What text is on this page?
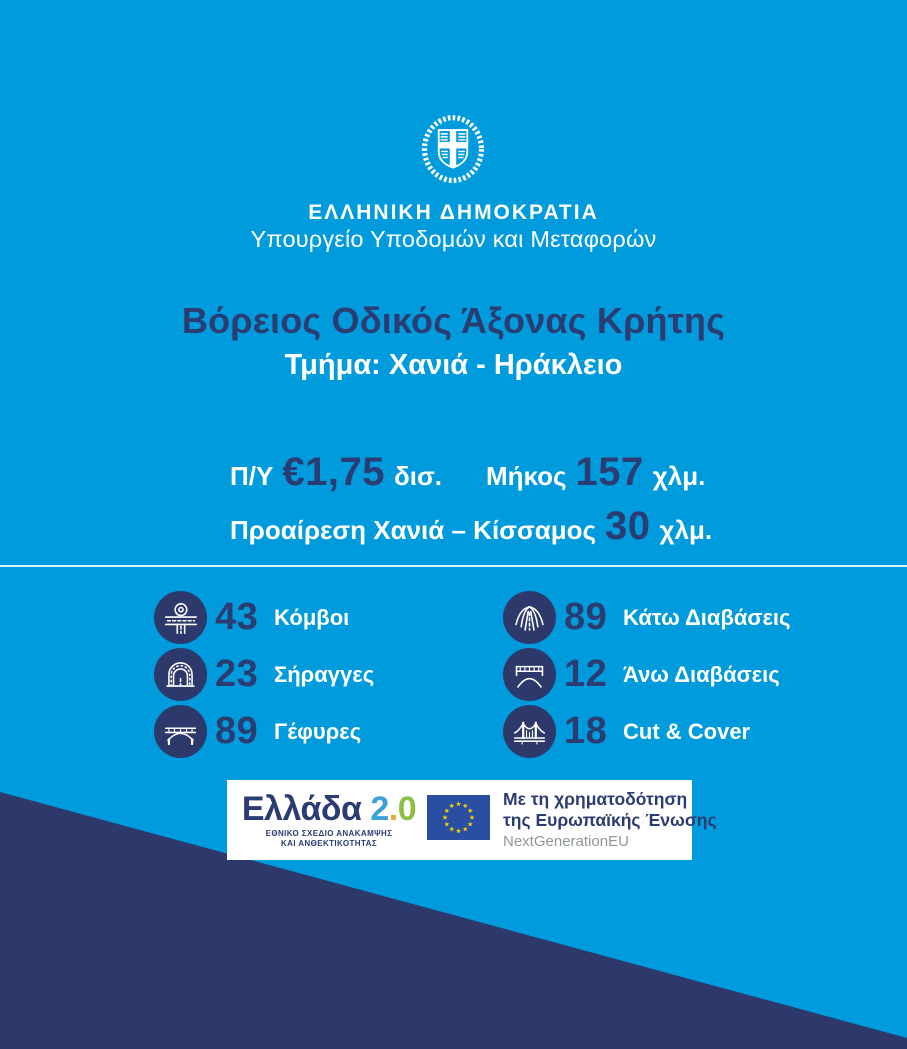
ΕΛΛΗΝΙΚΗ ΔΗΜΟΚΡΑΤΙΑ
Υπουργείο Υποδομών και Μεταφορών
Βόρειος Οδικός Άξονας Κρήτης
Τμήμα: Χανιά - Ηράκλειο
Π/Υ €1,75 δισ. Μήκος 157 χλμ.
Προαίρεση Χανιά – Κίσσαμος 30 χλμ.
43 Κόμβοι
23 Σήραγγες
89 Γέφυρες
89 Κάτω Διαβάσεις
12 Άνω Διαβάσεις
18 Cut & Cover
Ελλάδα 2.0
ΕΘΝΙΚΟ ΣΧΕΔΙΟ ΑΝΑΚΑΜΨΗΣ
ΚΑΙ ΑΝΘΕΚΤΙΚΟΤΗΤΑΣ
Με τη χρηματοδότηση
της Ευρωπαϊκής Ένωσης
NextGenerationEU
